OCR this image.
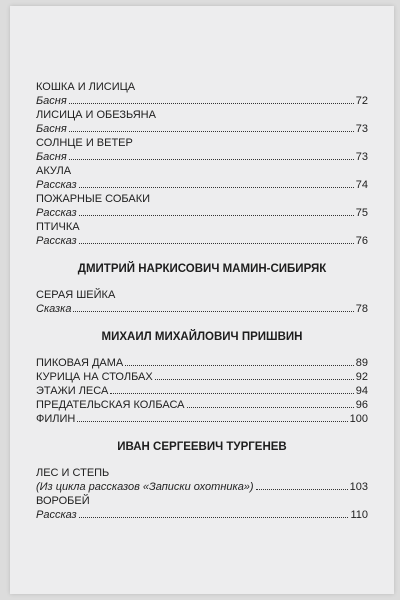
КОШКА И ЛИСИЦА
Басня	72
ЛИСИЦА И ОБЕЗЬЯНА
Басня	73
СОЛНЦЕ И ВЕТЕР
Басня	73
АКУЛА
Рассказ	74
ПОЖАРНЫЕ СОБАКИ
Рассказ	75
ПТИЧКА
Рассказ	76
ДМИТРИЙ НАРКИСОВИЧ МАМИН-СИБИРЯК
СЕРАЯ ШЕЙКА
Сказка	78
МИХАИЛ МИХАЙЛОВИЧ ПРИШВИН
ПИКОВАЯ ДАМА	89
КУРИЦА НА СТОЛБАХ	92
ЭТАЖИ ЛЕСА	94
ПРЕДАТЕЛЬСКАЯ КОЛБАСА	96
ФИЛИН	100
ИВАН СЕРГЕЕВИЧ ТУРГЕНЕВ
ЛЕС И СТЕПЬ
(Из цикла рассказов «Записки охотника»)	103
ВОРОБЕЙ
Рассказ	110
